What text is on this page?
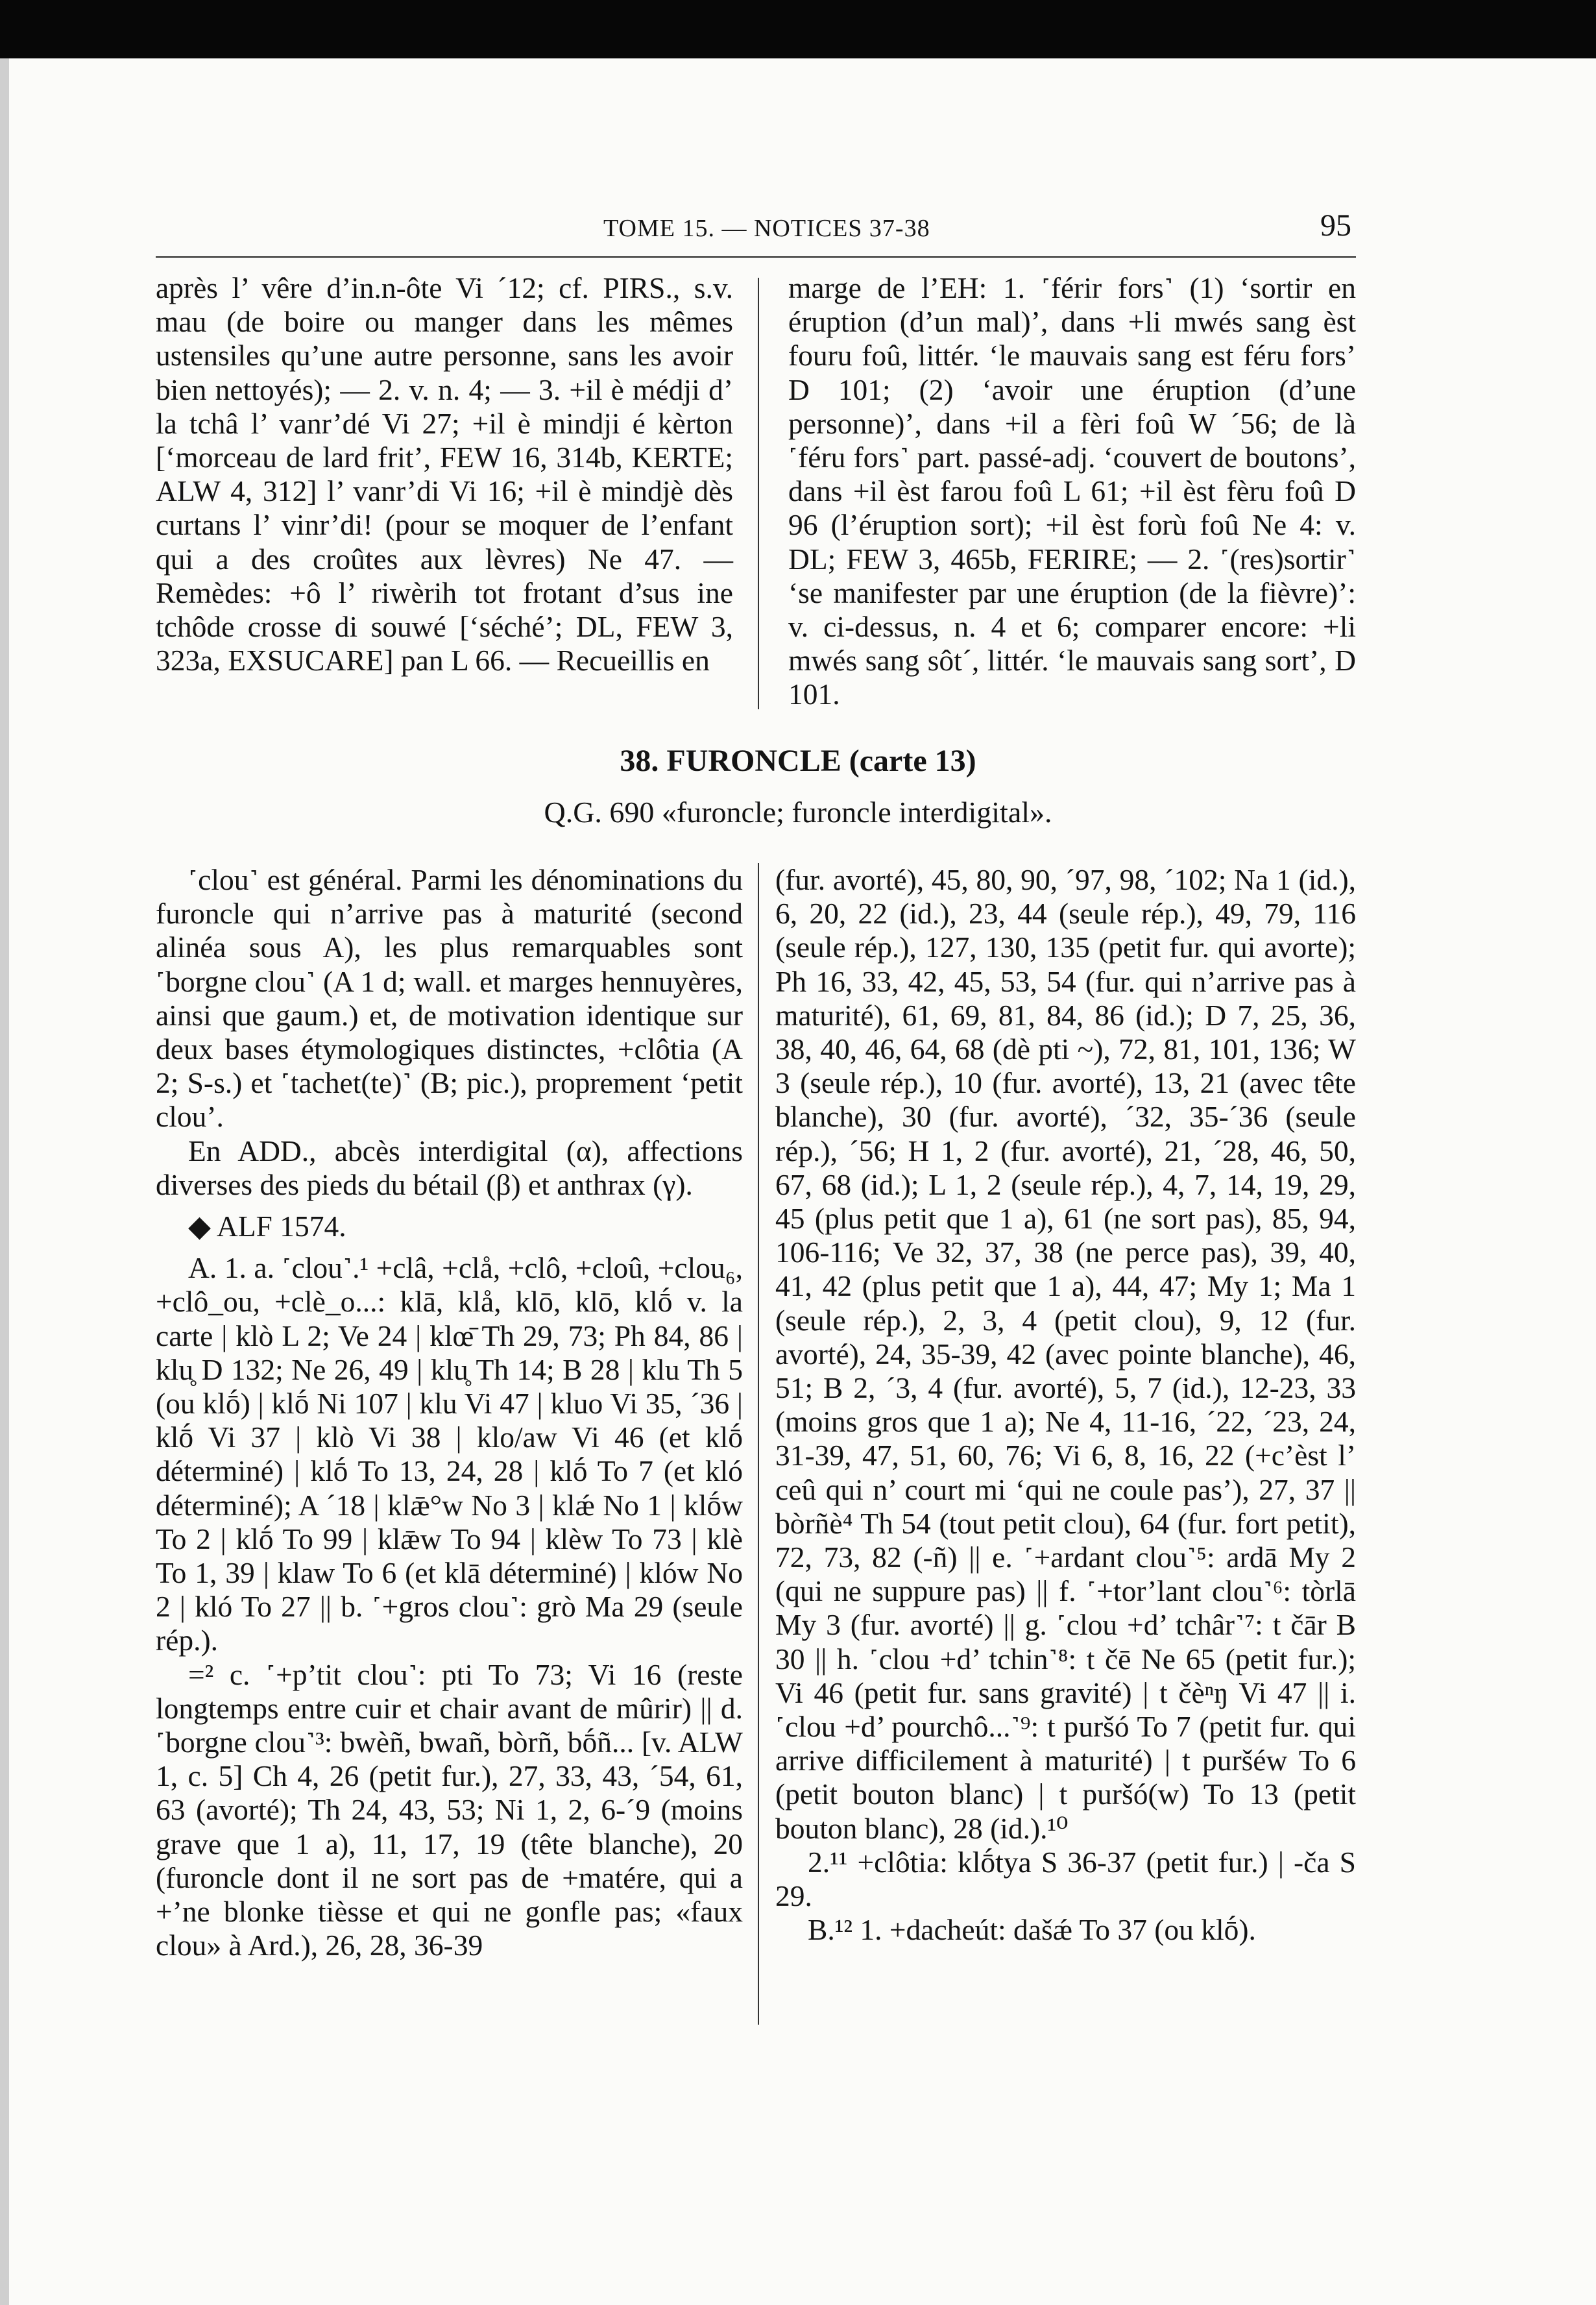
TOME 15. — NOTICES 37-38	95

après l’ vêre d’in.n-ôte Vi ´12; cf. PIRS., s.v. mau (de boire ou manger dans les mêmes ustensiles qu’une autre personne, sans les avoir bien nettoyés); — 2. v. n. 4; — 3. +il è médji d’ la tchâ l’ vanr’dé Vi 27; +il è mindji é kèrton [‘morceau de lard frit’, FEW 16, 314b, KERTE; ALW 4, 312] l’ vanr’di Vi 16; +il è mindjè dès curtans l’ vinr’di! (pour se moquer de l’enfant qui a des croûtes aux lèvres) Ne 47. — Remèdes: +ô l’ riwèrih tot frotant d’sus ine tchôde crosse di souwé [‘séché’; DL, FEW 3, 323a, EXSUCARE] pan L 66. — Recueillis en

marge de l’EH: 1. ˹férir fors˺ (1) ‘sortir en éruption (d’un mal)’, dans +li mwés sang èst fouru foû, littér. ‘le mauvais sang est féru fors’ D 101; (2) ‘avoir une éruption (d’une personne)’, dans +il a fèri foû W ´56; de là ˹féru fors˺ part. passé-adj. ‘couvert de boutons’, dans +il èst farou foû L 61; +il èst fèru foû D 96 (l’éruption sort); +il èst forù foû Ne 4: v. DL; FEW 3, 465b, FERIRE; — 2. ˹(res)sortir˺ ‘se manifester par une éruption (de la fièvre)’: v. ci-dessus, n. 4 et 6; comparer encore: +li mwés sang sôt´, littér. ‘le mauvais sang sort’, D 101.

38. FURONCLE (carte 13)
Q.G. 690 «furoncle; furoncle interdigital».

˹clou˺ est général. Parmi les dénominations du furoncle qui n’arrive pas à maturité (second alinéa sous A), les plus remarquables sont ˹borgne clou˺ (A 1 d; wall. et marges hennuyères, ainsi que gaum.) et, de motivation identique sur deux bases étymologiques distinctes, +clôtia (A 2; S-s.) et ˹tachet(te)˺ (B; pic.), proprement ‘petit clou’.

En ADD., abcès interdigital (α), affections diverses des pieds du bétail (β) et anthrax (γ).

◆ ALF 1574.

A. 1. a. ˹clou˺.¹ +clâ, +clå, +clô, +cloû, +clou₆, +clô_ou, +clè_o...: klā, klå, klō, klō, klṓ v. la carte | klò L 2; Ve 24 | klœ̄ Th 29, 73; Ph 84, 86 | klu̥ D 132; Ne 26, 49 | klu̥ Th 14; B 28 | klu Th 5 (ou klṓ) | klṓ Ni 107 | klu Vi 47 | kluo Vi 35, ´36 | klṓ Vi 37 | klò Vi 38 | klo/aw Vi 46 (et klṓ déterminé) | klṓ To 13, 24, 28 | klṓ To 7 (et kló déterminé); A ´18 | klǣ°w No 3 | klǽ No 1 | klṓw To 2 | klṓ To 99 | klǣw To 94 | klèw To 73 | klè To 1, 39 | klaw To 6 (et klā déterminé) | klów No 2 | kló To 27 || b. ˹+gros clou˺: grò Ma 29 (seule rép.).

=² c. ˹+p’tit clou˺: pti To 73; Vi 16 (reste longtemps entre cuir et chair avant de mûrir) || d. ˹borgne clou˺³: bwèñ, bwañ, bòrñ, bṓñ... [v. ALW 1, c. 5] Ch 4, 26 (petit fur.), 27, 33, 43, ´54, 61, 63 (avorté); Th 24, 43, 53; Ni 1, 2, 6-´9 (moins grave que 1 a), 11, 17, 19 (tête blanche), 20 (furoncle dont il ne sort pas de +matére, qui a +’ne blonke tièsse et qui ne gonfle pas; «faux clou» à Ard.), 26, 28, 36-39

(fur. avorté), 45, 80, 90, ´97, 98, ´102; Na 1 (id.), 6, 20, 22 (id.), 23, 44 (seule rép.), 49, 79, 116 (seule rép.), 127, 130, 135 (petit fur. qui avorte); Ph 16, 33, 42, 45, 53, 54 (fur. qui n’arrive pas à maturité), 61, 69, 81, 84, 86 (id.); D 7, 25, 36, 38, 40, 46, 64, 68 (dè pti ~), 72, 81, 101, 136; W 3 (seule rép.), 10 (fur. avorté), 13, 21 (avec tête blanche), 30 (fur. avorté), ´32, 35-´36 (seule rép.), ´56; H 1, 2 (fur. avorté), 21, ´28, 46, 50, 67, 68 (id.); L 1, 2 (seule rép.), 4, 7, 14, 19, 29, 45 (plus petit que 1 a), 61 (ne sort pas), 85, 94, 106-116; Ve 32, 37, 38 (ne perce pas), 39, 40, 41, 42 (plus petit que 1 a), 44, 47; My 1; Ma 1 (seule rép.), 2, 3, 4 (petit clou), 9, 12 (fur. avorté), 24, 35-39, 42 (avec pointe blanche), 46, 51; B 2, ´3, 4 (fur. avorté), 5, 7 (id.), 12-23, 33 (moins gros que 1 a); Ne 4, 11-16, ´22, ´23, 24, 31-39, 47, 51, 60, 76; Vi 6, 8, 16, 22 (+c’èst l’ ceû qui n’ court mi ‘qui ne coule pas’), 27, 37 || bòrñè⁴ Th 54 (tout petit clou), 64 (fur. fort petit), 72, 73, 82 (-ñ) || e. ˹+ardant clou˺⁵: ardā My 2 (qui ne suppure pas) || f. ˹+tor’lant clou˺⁶: tòrlā My 3 (fur. avorté) || g. ˹clou +d’ tchâr˺⁷: t čār B 30 || h. ˹clou +d’ tchin˺⁸: t čē Ne 65 (petit fur.); Vi 46 (petit fur. sans gravité) | t čèⁿŋ Vi 47 || i. ˹clou +d’ pourchô...˺⁹: t puršó To 7 (petit fur. qui arrive difficilement à maturité) | t puršéw To 6 (petit bouton blanc) | t puršó(w) To 13 (petit bouton blanc), 28 (id.).¹⁰

2.¹¹ +clôtia: klṓtya S 36-37 (petit fur.) | -ča S 29.

B.¹² 1. +dacheút: dašǽ To 37 (ou klṓ).
